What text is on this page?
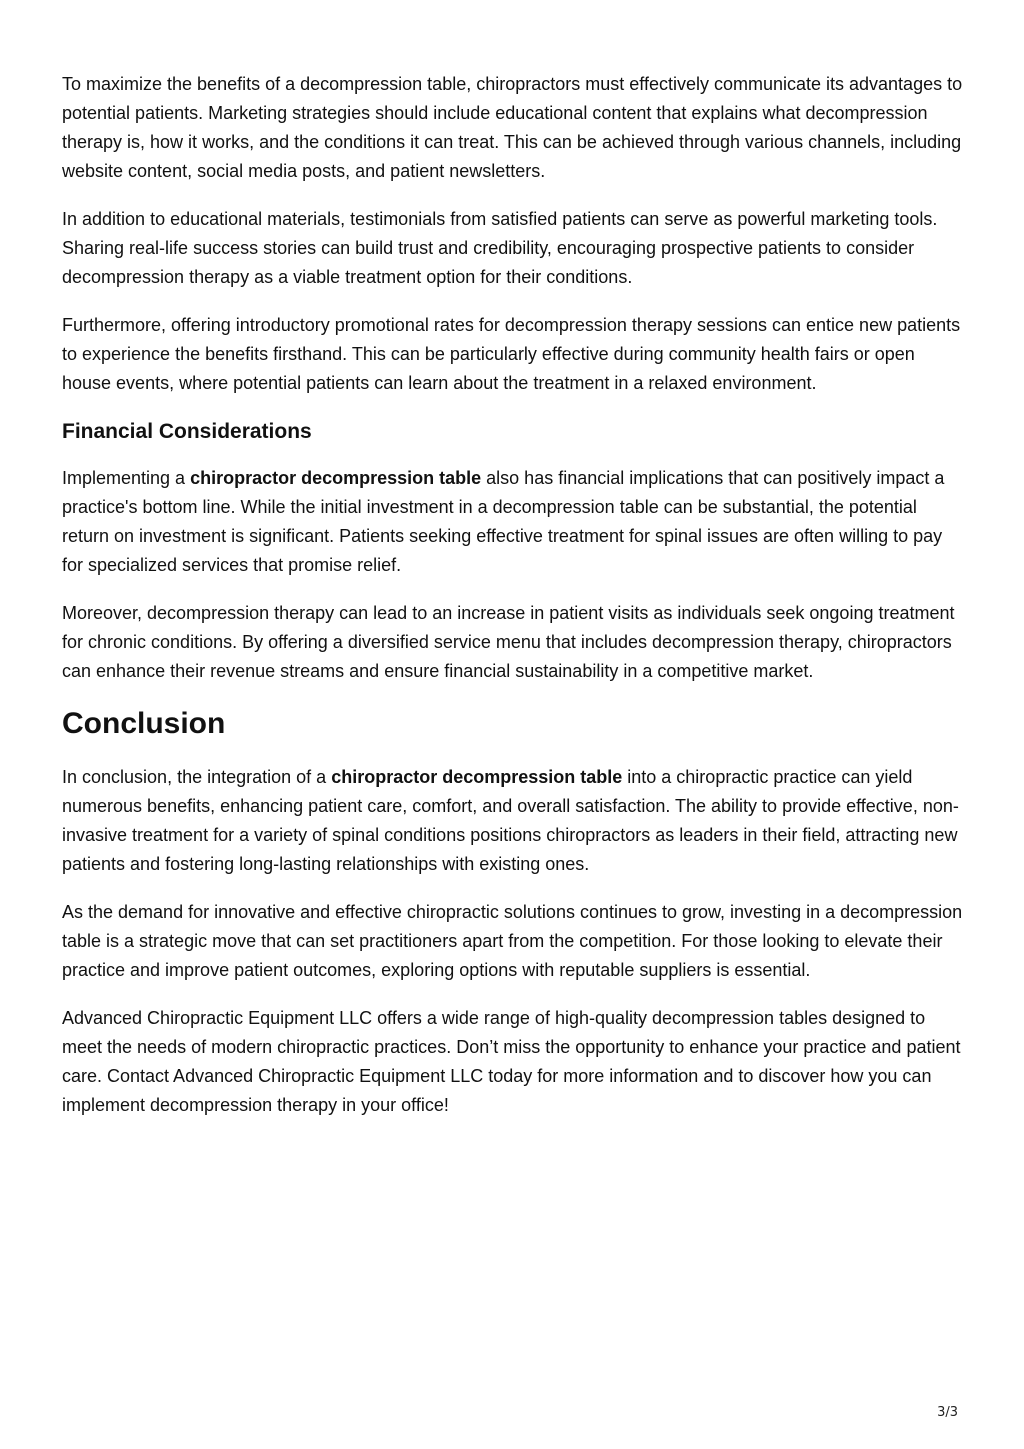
To maximize the benefits of a decompression table, chiropractors must effectively communicate its advantages to potential patients. Marketing strategies should include educational content that explains what decompression therapy is, how it works, and the conditions it can treat. This can be achieved through various channels, including website content, social media posts, and patient newsletters.

In addition to educational materials, testimonials from satisfied patients can serve as powerful marketing tools. Sharing real-life success stories can build trust and credibility, encouraging prospective patients to consider decompression therapy as a viable treatment option for their conditions.

Furthermore, offering introductory promotional rates for decompression therapy sessions can entice new patients to experience the benefits firsthand. This can be particularly effective during community health fairs or open house events, where potential patients can learn about the treatment in a relaxed environment.

Financial Considerations

Implementing a chiropractor decompression table also has financial implications that can positively impact a practice's bottom line. While the initial investment in a decompression table can be substantial, the potential return on investment is significant. Patients seeking effective treatment for spinal issues are often willing to pay for specialized services that promise relief.

Moreover, decompression therapy can lead to an increase in patient visits as individuals seek ongoing treatment for chronic conditions. By offering a diversified service menu that includes decompression therapy, chiropractors can enhance their revenue streams and ensure financial sustainability in a competitive market.

Conclusion

In conclusion, the integration of a chiropractor decompression table into a chiropractic practice can yield numerous benefits, enhancing patient care, comfort, and overall satisfaction. The ability to provide effective, non-invasive treatment for a variety of spinal conditions positions chiropractors as leaders in their field, attracting new patients and fostering long-lasting relationships with existing ones.

As the demand for innovative and effective chiropractic solutions continues to grow, investing in a decompression table is a strategic move that can set practitioners apart from the competition. For those looking to elevate their practice and improve patient outcomes, exploring options with reputable suppliers is essential.

Advanced Chiropractic Equipment LLC offers a wide range of high-quality decompression tables designed to meet the needs of modern chiropractic practices. Don’t miss the opportunity to enhance your practice and patient care. Contact Advanced Chiropractic Equipment LLC today for more information and to discover how you can implement decompression therapy in your office!

3/3
